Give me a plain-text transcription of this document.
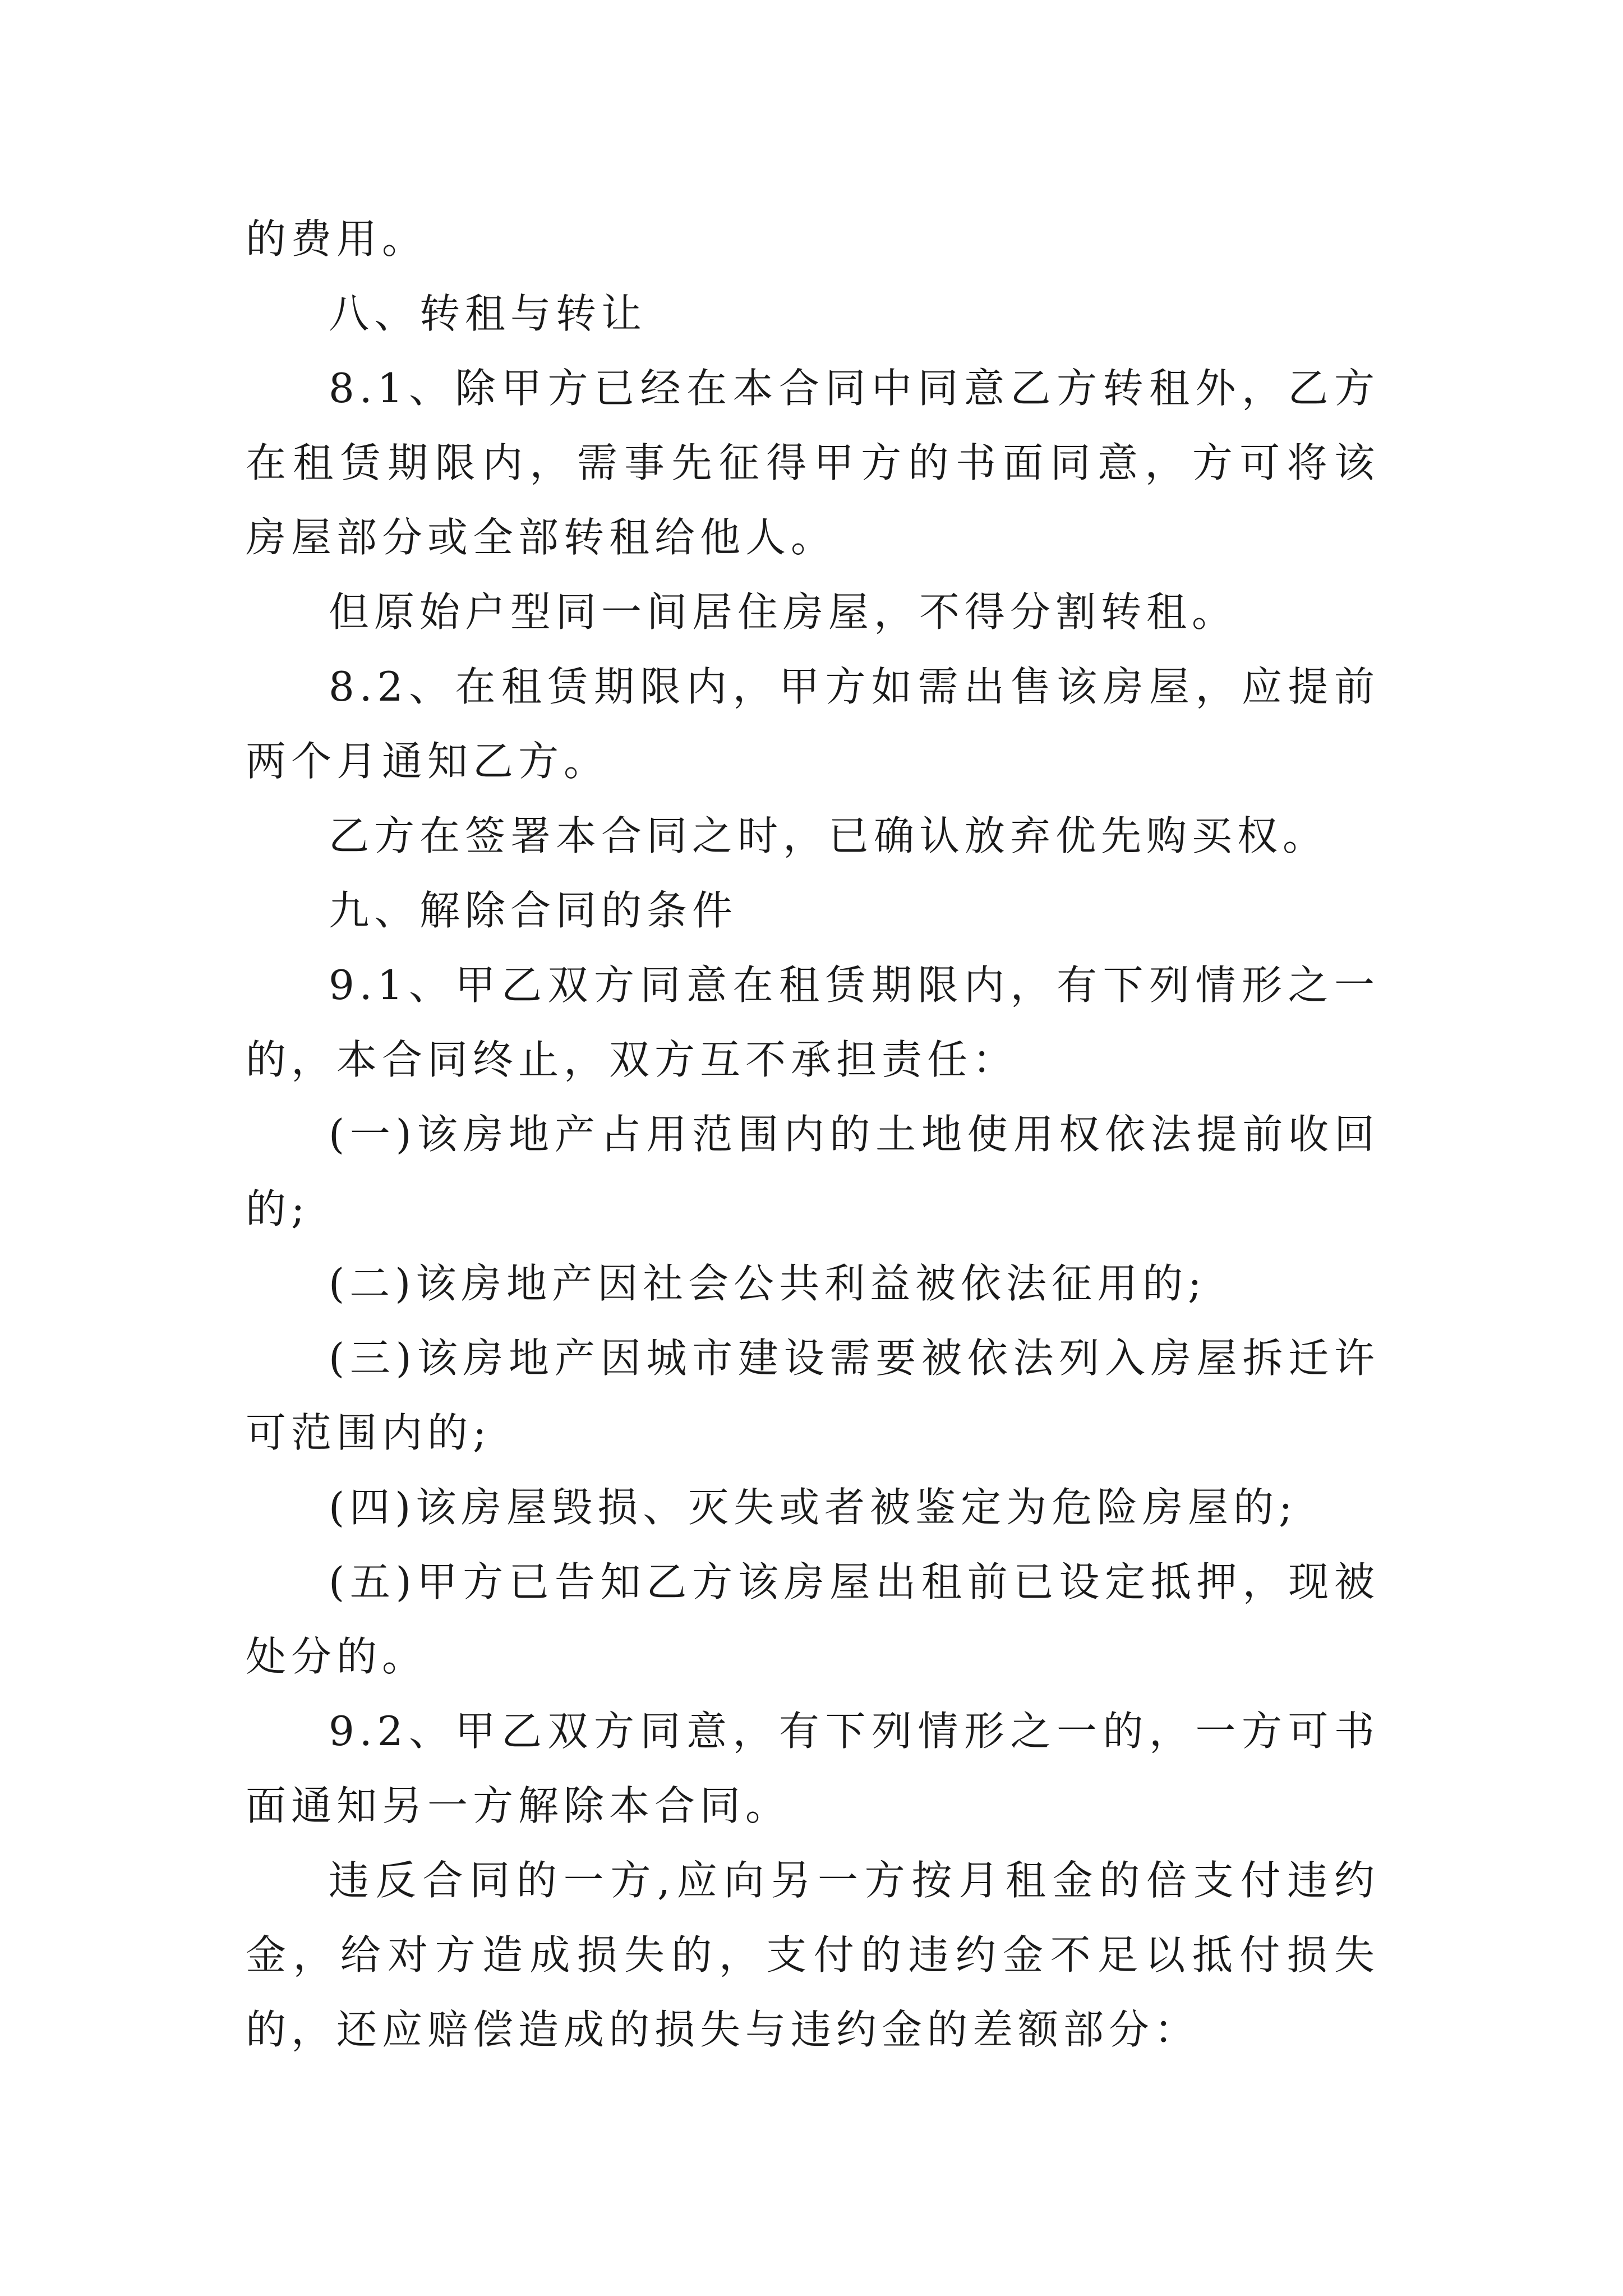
的费用。

八、转租与转让

8.1、除甲方已经在本合同中同意乙方转租外，乙方在租赁期限内，需事先征得甲方的书面同意，方可将该房屋部分或全部转租给他人。

但原始户型同一间居住房屋，不得分割转租。

8.2、在租赁期限内，甲方如需出售该房屋，应提前两个月通知乙方。

乙方在签署本合同之时，已确认放弃优先购买权。

九、解除合同的条件

9.1、甲乙双方同意在租赁期限内，有下列情形之一的，本合同终止，双方互不承担责任：

(一)该房地产占用范围内的土地使用权依法提前收回的;

(二)该房地产因社会公共利益被依法征用的;

(三)该房地产因城市建设需要被依法列入房屋拆迁许可范围内的;

(四)该房屋毁损、灭失或者被鉴定为危险房屋的;

(五)甲方已告知乙方该房屋出租前已设定抵押，现被处分的。

9.2、甲乙双方同意，有下列情形之一的，一方可书面通知另一方解除本合同。

违反合同的一方,应向另一方按月租金的倍支付违约金，给对方造成损失的，支付的违约金不足以抵付损失的，还应赔偿造成的损失与违约金的差额部分：
